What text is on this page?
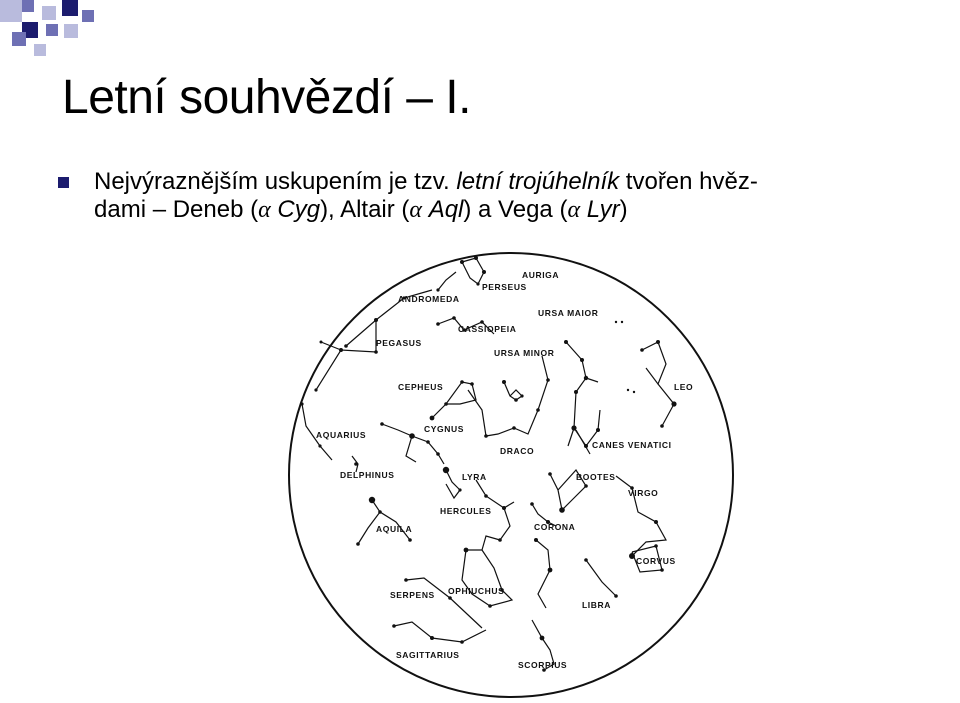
Letní souhvězdí – I.
Nejvýraznějším uskupením je tzv. letní trojúhelník tvořen hvěz-
dami – Deneb (α Cyg), Altair (α Aql) a Vega (α Lyr)
AURIGA
PERSEUS
ANDROMEDA
URSA MAIOR
CASSIOPEIA
PEGASUS
URSA MINOR
CEPHEUS	LEO
CYGNUS
AQUARIUS
CANES VENATICI
DRACO
DELPHINUS	LYRA	BOOTES
VIRGO
HERCULES
CORONA
AQUILA
CORVUS
OPHIUCHUS
SERPENS
LIBRA
SAGITTARIUS
SCORPIUS
